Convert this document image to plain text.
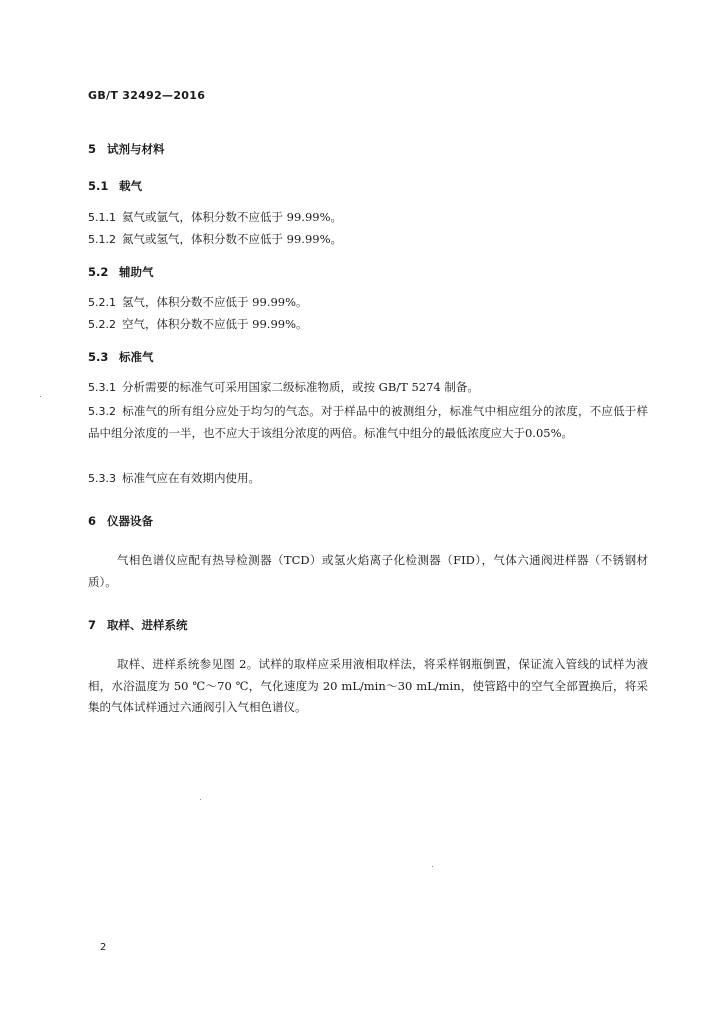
GB/T 32492—2016
5 试剂与材料
5.1 载气
5.1.1 氦气或氩气，体积分数不应低于 99.99%。
5.1.2 氮气或氢气，体积分数不应低于 99.99%。
5.2 辅助气
5.2.1 氢气，体积分数不应低于 99.99%。
5.2.2 空气，体积分数不应低于 99.99%。
5.3 标准气
5.3.1 分析需要的标准气可采用国家二级标准物质，或按 GB/T 5274 制备。
5.3.2 标准气的所有组分应处于均匀的气态。对于样品中的被测组分，标准气中相应组分的浓度，不应低于样品中组分浓度的一半，也不应大于该组分浓度的两倍。标准气中组分的最低浓度应大于0.05%。
5.3.3 标准气应在有效期内使用。
6 仪器设备
气相色谱仪应配有热导检测器（TCD）或氢火焰离子化检测器（FID），气体六通阀进样器（不锈钢材质）。
7 取样、进样系统
取样、进样系统参见图 2。试样的取样应采用液相取样法，将采样钢瓶倒置，保证流入管线的试样为液相，水浴温度为 50 ℃～70 ℃，气化速度为 20 mL/min～30 mL/min，使管路中的空气全部置换后，将采集的气体试样通过六通阀引入气相色谱仪。
2
